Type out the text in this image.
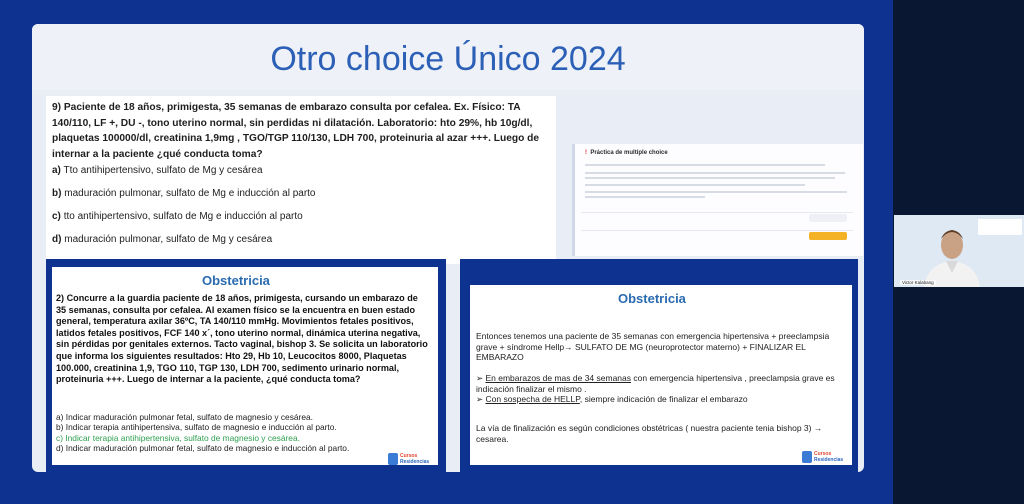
Otro choice Único 2024

9) Paciente de 18 años, primigesta, 35 semanas de embarazo consulta por cefalea. Ex. Físico: TA 140/110, LF +, DU -, tono uterino normal, sin perdidas ni dilatación. Laboratorio: hto 29%, hb 10g/dl, plaquetas 100000/dl, creatinina 1,9mg , TGO/TGP 110/130, LDH 700, proteinuria al azar +++. Luego de internar a la paciente ¿qué conducta toma?

a) Tto antihipertensivo, sulfato de Mg y cesárea
b) maduración pulmonar, sulfato de Mg e inducción al parto
c) tto antihipertensivo, sulfato de Mg e inducción al parto
d) maduración pulmonar, sulfato de Mg y cesárea
! Práctica de multiple choice
Obstetricia
2) Concurre a la guardia paciente de 18 años, primigesta, cursando un embarazo de 35 semanas, consulta por cefalea. Al examen físico se la encuentra en buen estado general, temperatura axilar 36ºC, TA 140/110 mmHg. Movimientos fetales positivos, latidos fetales positivos, FCF 140 x´, tono uterino normal, dinámica uterina negativa, sin pérdidas por genitales externos. Tacto vaginal, bishop 3. Se solicita un laboratorio que informa los siguientes resultados: Hto 29, Hb 10, Leucocitos 8000, Plaquetas 100.000, creatinina 1,9, TGO 110, TGP 130, LDH 700, sedimento urinario normal, proteinuria +++. Luego de internar a la paciente, ¿qué conducta toma?
a) Indicar maduración pulmonar fetal, sulfato de magnesio y cesárea.
b) Indicar terapia antihipertensiva, sulfato de magnesio e inducción al parto.
c) Indicar terapia antihipertensiva, sulfato de magnesio y cesárea.
d) Indicar maduración pulmonar fetal, sulfato de magnesio e inducción al parto.
Cursos
Residencias
Obstetricia
Entonces tenemos una paciente de 35 semanas con emergencia hipertensiva + preeclampsia grave + síndrome Hellp→ SULFATO DE MG (neuroprotector materno) + FINALIZAR EL EMBARAZO
➢ En embarazos de mas de 34 semanas con emergencia hipertensiva , preeclampsia grave es indicación finalizar el mismo .
➢ Con sospecha de HELLP, siempre indicación de finalizar el embarazo
La vía de finalización es según condiciones obstétricas ( nuestra paciente tenia bishop 3) → cesarea.
Cursos
Residencias
Victor Kalabang
